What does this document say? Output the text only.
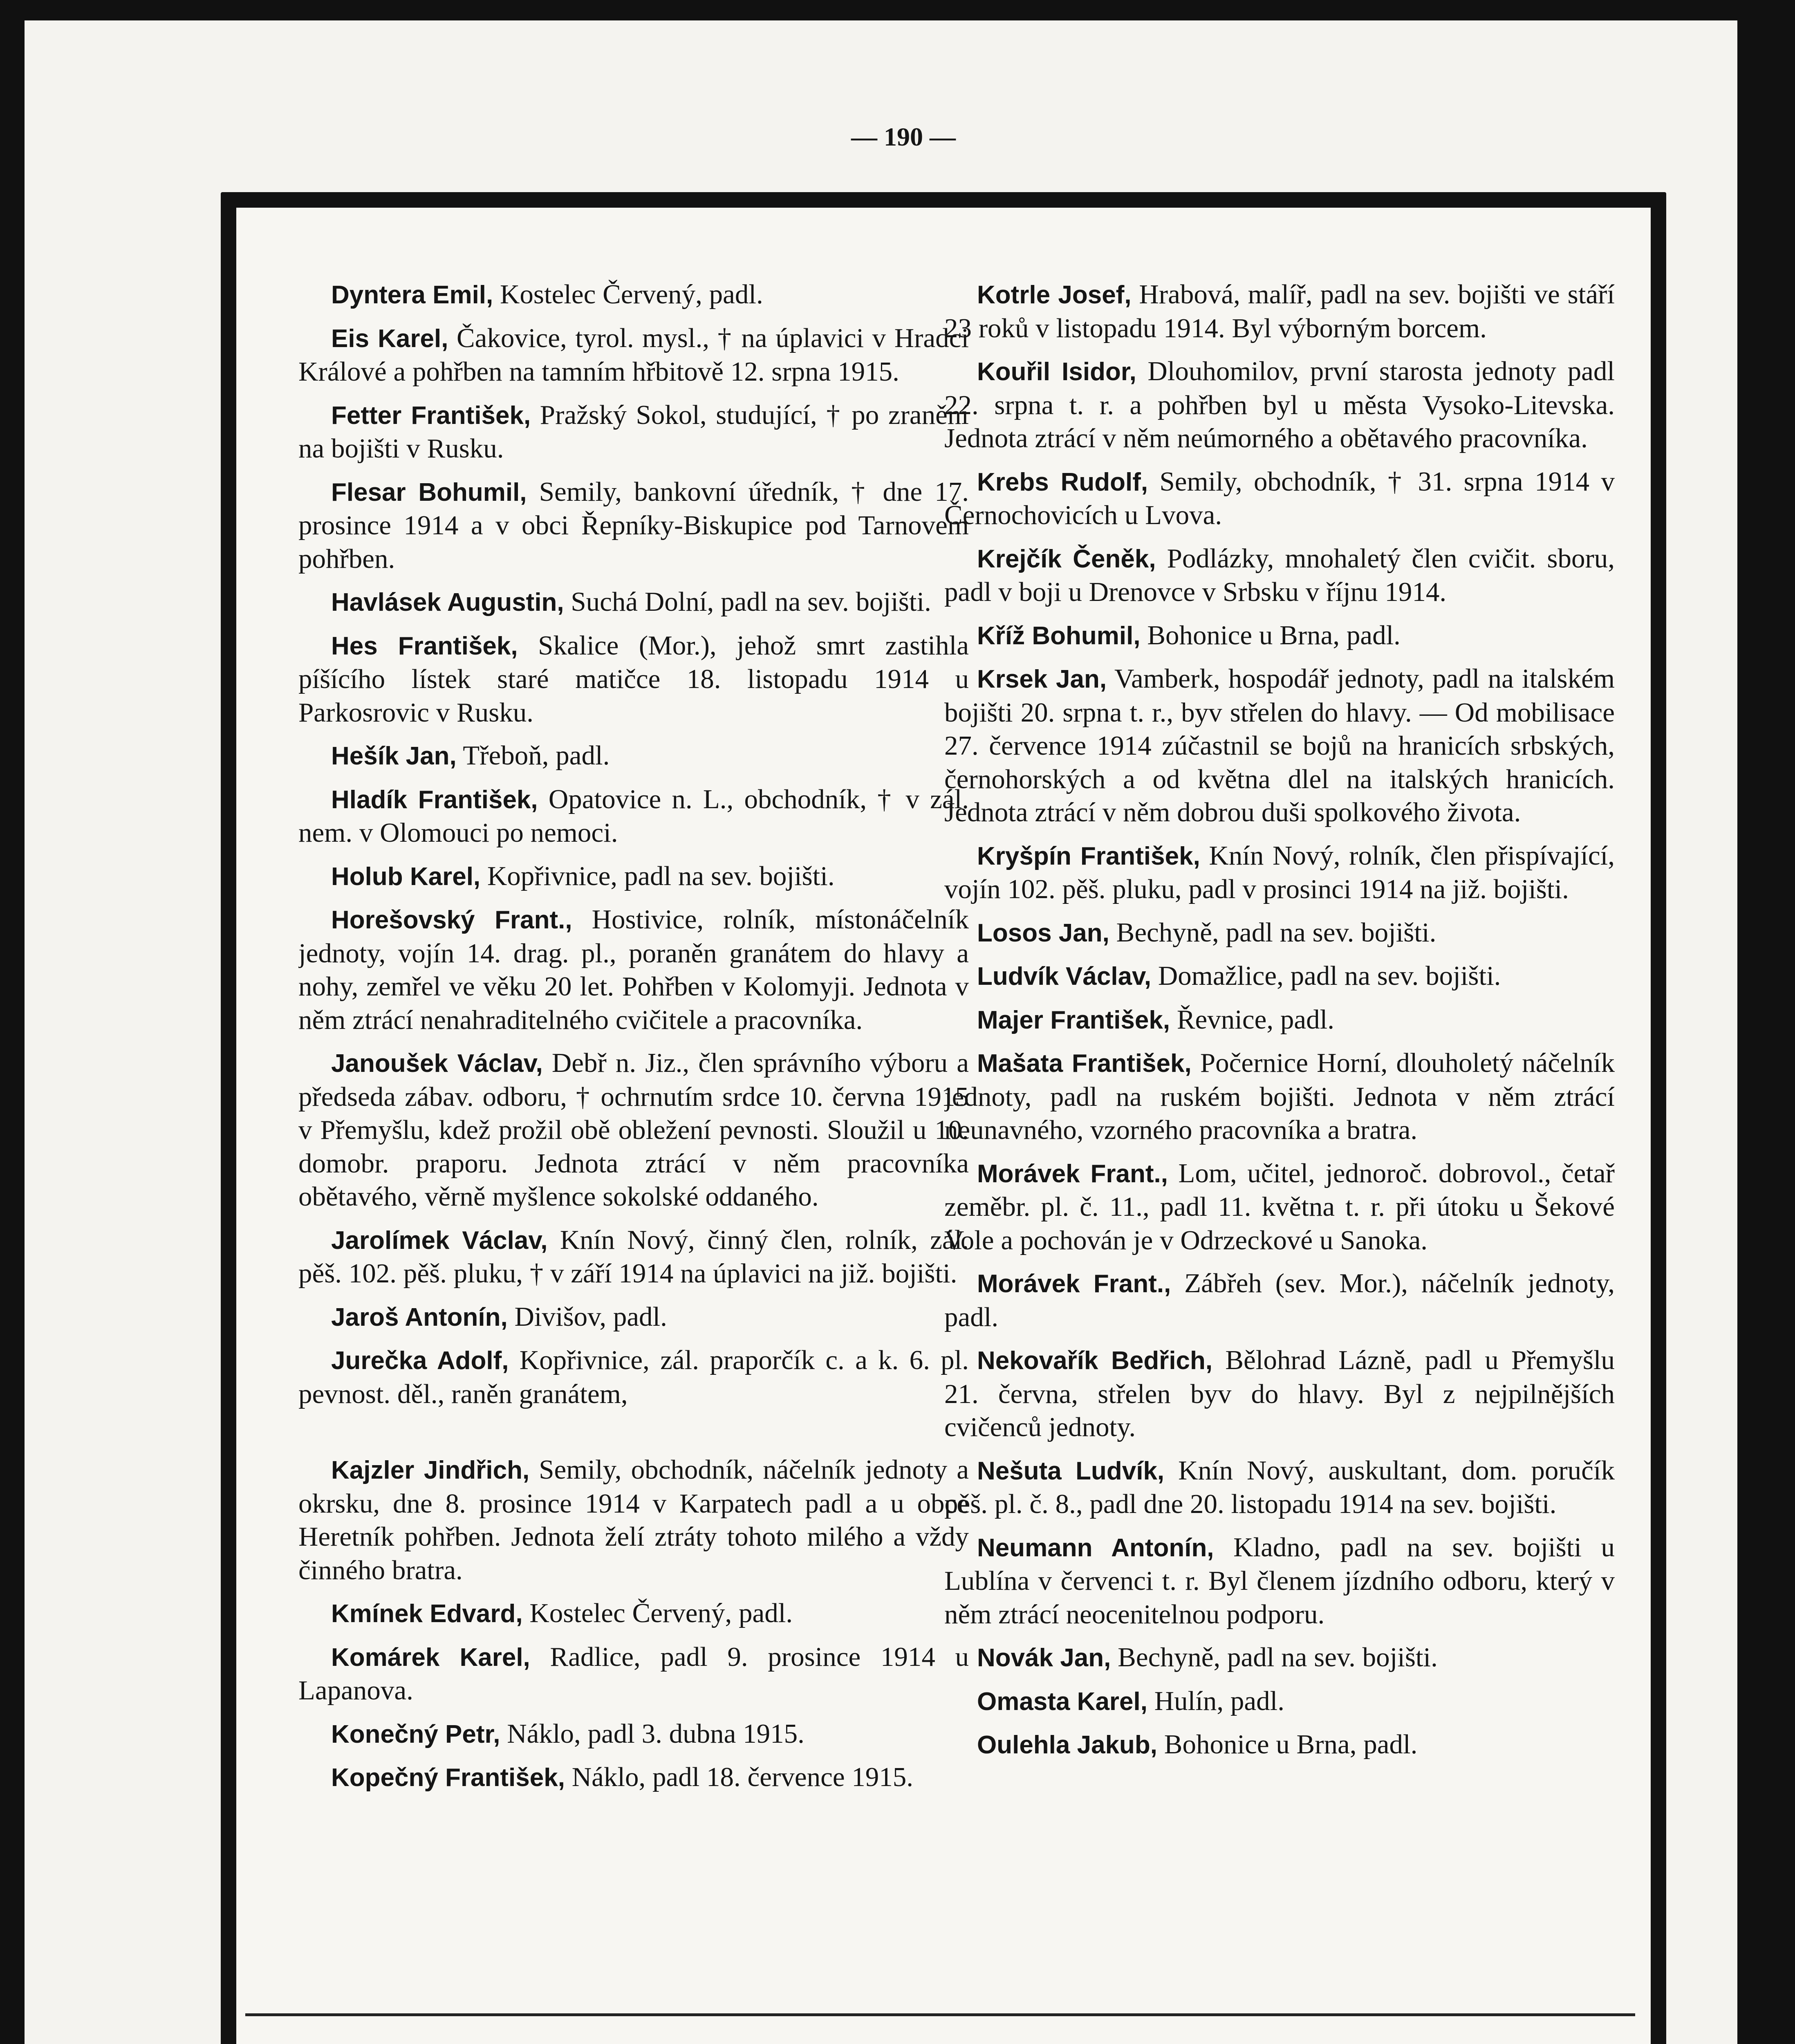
— 190 —

Dyntera Emil, Kostelec Červený, padl.

Eis Karel, Čakovice, tyrol. mysl., † na úplavici v Hradci Králové a pohřben na tamním hřbitově 12. srpna 1915.

Fetter František, Pražský Sokol, studující, † po zranění na bojišti v Rusku.

Flesar Bohumil, Semily, bankovní úředník, † dne 17. prosince 1914 a v obci Řepníky-Biskupice pod Tarnovem pohřben.

Havlásek Augustin, Suchá Dolní, padl na sev. bojišti.

Hes František, Skalice (Mor.), jehož smrt zastihla píšícího lístek staré matičce 18. listopadu 1914 u Parkosrovic v Rusku.

Hešík Jan, Třeboň, padl.

Hladík František, Opatovice n. L., obchodník, † v zál. nem. v Olomouci po nemoci.

Holub Karel, Kopřivnice, padl na sev. bojišti.

Horešovský Frant., Hostivice, rolník, místonáčelník jednoty, vojín 14. drag. pl., poraněn granátem do hlavy a nohy, zemřel ve věku 20 let. Pohřben v Kolomyji. Jednota v něm ztrácí nenahraditelného cvičitele a pracovníka.

Janoušek Václav, Debř n. Jiz., člen správního výboru a předseda zábav. odboru, † ochrnutím srdce 10. června 1915 v Přemyšlu, kdež prožil obě obležení pevnosti. Sloužil u 10. domobr. praporu. Jednota ztrácí v něm pracovníka obětavého, věrně myšlence sokolské oddaného.

Jarolímek Václav, Knín Nový, činný člen, rolník, zál. pěš. 102. pěš. pluku, † v září 1914 na úplavici na již. bojišti.

Jaroš Antonín, Divišov, padl.

Jurečka Adolf, Kopřivnice, zál. praporčík c. a k. 6. pl. pevnost. děl., raněn granátem,

Kajzler Jindřich, Semily, obchodník, náčelník jednoty a okrsku, dne 8. prosince 1914 v Karpatech padl a u obce Heretník pohřben. Jednota želí ztráty tohoto milého a vždy činného bratra.

Kmínek Edvard, Kostelec Červený, padl.

Komárek Karel, Radlice, padl 9. prosince 1914 u Lapanova.

Konečný Petr, Náklo, padl 3. dubna 1915.

Kopečný František, Náklo, padl 18. července 1915.

Kotrle Josef, Hrabová, malíř, padl na sev. bojišti ve stáří 23 roků v listopadu 1914. Byl výborným borcem.

Kouřil Isidor, Dlouhomilov, první starosta jednoty padl 22. srpna t. r. a pohřben byl u města Vysoko-Litevska. Jednota ztrácí v něm neúmorného a obětavého pracovníka.

Krebs Rudolf, Semily, obchodník, † 31. srpna 1914 v Černochovicích u Lvova.

Krejčík Čeněk, Podlázky, mnohaletý člen cvičit. sboru, padl v boji u Drenovce v Srbsku v říjnu 1914.

Kříž Bohumil, Bohonice u Brna, padl.

Krsek Jan, Vamberk, hospodář jednoty, padl na italském bojišti 20. srpna t. r., byv střelen do hlavy. — Od mobilisace 27. července 1914 zúčastnil se bojů na hranicích srbských, černohorských a od května dlel na italských hranicích. Jednota ztrácí v něm dobrou duši spolkového života.

Kryšpín František, Knín Nový, rolník, člen přispívající, vojín 102. pěš. pluku, padl v prosinci 1914 na již. bojišti.

Losos Jan, Bechyně, padl na sev. bojišti.

Ludvík Václav, Domažlice, padl na sev. bojišti.

Majer František, Řevnice, padl.

Mašata František, Počernice Horní, dlouholetý náčelník jednoty, padl na ruském bojišti. Jednota v něm ztrácí neunavného, vzorného pracovníka a bratra.

Morávek Frant., Lom, učitel, jednoroč. dobrovol., četař zeměbr. pl. č. 11., padl 11. května t. r. při útoku u Šekové Vole a pochován je v Odrzeckové u Sanoka.

Morávek Frant., Zábřeh (sev. Mor.), náčelník jednoty, padl.

Nekovařík Bedřich, Bělohrad Lázně, padl u Přemyšlu 21. června, střelen byv do hlavy. Byl z nejpilnějších cvičenců jednoty.

Nešuta Ludvík, Knín Nový, auskultant, dom. poručík pěš. pl. č. 8., padl dne 20. listopadu 1914 na sev. bojišti.

Neumann Antonín, Kladno, padl na sev. bojišti u Lublína v červenci t. r. Byl členem jízdního odboru, který v něm ztrácí neocenitelnou podporu.

Novák Jan, Bechyně, padl na sev. bojišti.

Omasta Karel, Hulín, padl.

Oulehla Jakub, Bohonice u Brna, padl.
